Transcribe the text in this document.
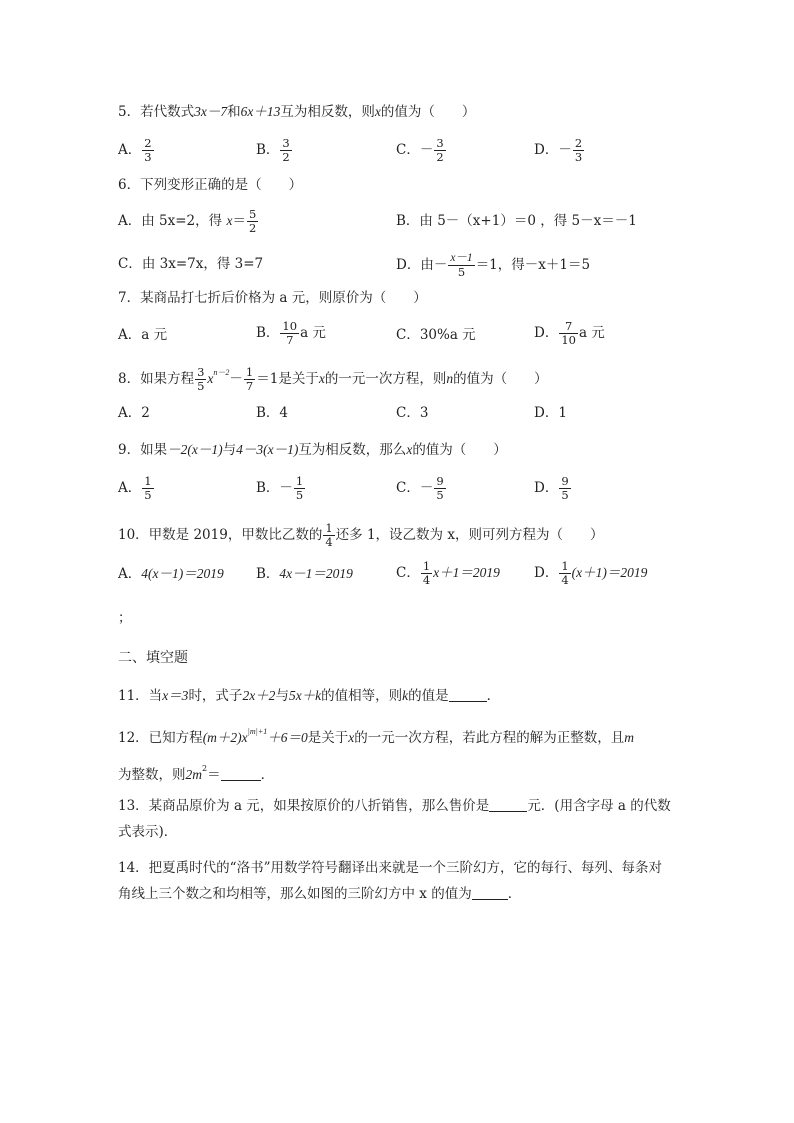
5．若代数式3x－7和6x＋13互为相反数，则x的值为（　　）
A． $\frac{2}{3}$	B． $\frac{3}{2}$	C．－ $\frac{3}{2}$	D．－ $\frac{2}{3}$
6．下列变形正确的是（　　）
A．由 5x=2，得 $x= \frac{5}{2}$	B．由 5－（x+1）＝0 ，得 5－x＝－1
C．由 3x=7x，得 3=7	D．由－ $\frac{x-1}{5} =1$，得－x＋1＝5
7．某商品打七折后价格为 a 元，则原价为（　　）
A．a 元	B． $\frac{10}{7}$ a 元	C．30%a 元	D． $\frac{7}{10}$ a 元
8．如果方程 $\frac{3}{5} x^{n-2}- \frac{1}{7} =1$是关于x的一元一次方程，则n的值为（　　）
A．2	B．4	C．3	D．1
9．如果－2(x－1)与4－3(x－1)互为相反数，那么x的值为（　　）
A． $\frac{1}{5}$	B．－ $\frac{1}{5}$	C．－ $\frac{9}{5}$	D． $\frac{9}{5}$
10．甲数是 2019，甲数比乙数的 $\frac{1}{4}$ 还多 1，设乙数为 x，则可列方程为（　　）
A．4(x－1)＝2019 B．4x－1＝2019	C． $\frac{1}{4} x+1=2019$	D． $\frac{1}{4} (x+1)=2019$
；
二、填空题
11．当x＝3时，式子2x＋2与5x＋k的值相等，则k的值是	．
12．已知方程$(m+2)x^{|m|+1}+6=0$是关于x的一元一次方程，若此方程的解为正整数，且m
为整数，则$2m^2=$	．
13．某商品原价为 a 元，如果按原价的八折销售，那么售价是	元．(用含字母 a 的代数
式表示)．
14．把夏禹时代的“洛书”用数学符号翻译出来就是一个三阶幻方，它的每行、每列、每条对
角线上三个数之和均相等，那么如图的三阶幻方中 x 的值为	．
